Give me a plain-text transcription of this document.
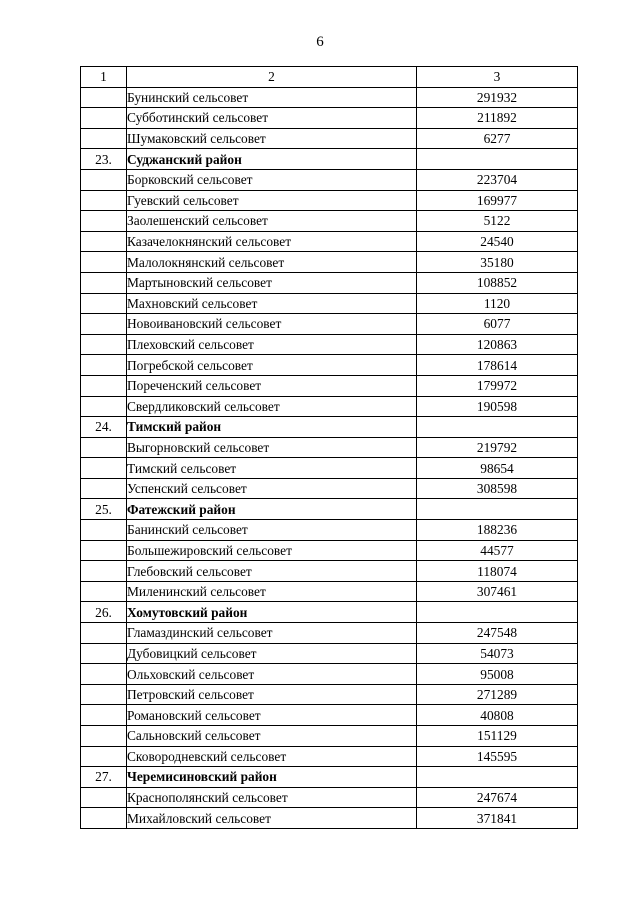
6
1	2	3
	Бунинский сельсовет	291932
	Субботинский сельсовет	211892
	Шумаковский сельсовет	6277
23.	Суджанский район	
	Борковский сельсовет	223704
	Гуевский сельсовет	169977
	Заолешенский сельсовет	5122
	Казачелокнянский сельсовет	24540
	Малолокнянский сельсовет	35180
	Мартыновский сельсовет	108852
	Махновский сельсовет	1120
	Новоивановский сельсовет	6077
	Плеховский сельсовет	120863
	Погребской сельсовет	178614
	Пореченский сельсовет	179972
	Свердликовский сельсовет	190598
24.	Тимский район	
	Выгорновский сельсовет	219792
	Тимский сельсовет	98654
	Успенский сельсовет	308598
25.	Фатежский район	
	Банинский сельсовет	188236
	Большежировский сельсовет	44577
	Глебовский сельсовет	118074
	Миленинский сельсовет	307461
26.	Хомутовский район	
	Гламаздинский сельсовет	247548
	Дубовицкий сельсовет	54073
	Ольховский сельсовет	95008
	Петровский сельсовет	271289
	Романовский сельсовет	40808
	Сальновский сельсовет	151129
	Сковородневский сельсовет	145595
27.	Черемисиновский район	
	Краснополянский сельсовет	247674
	Михайловский сельсовет	371841
